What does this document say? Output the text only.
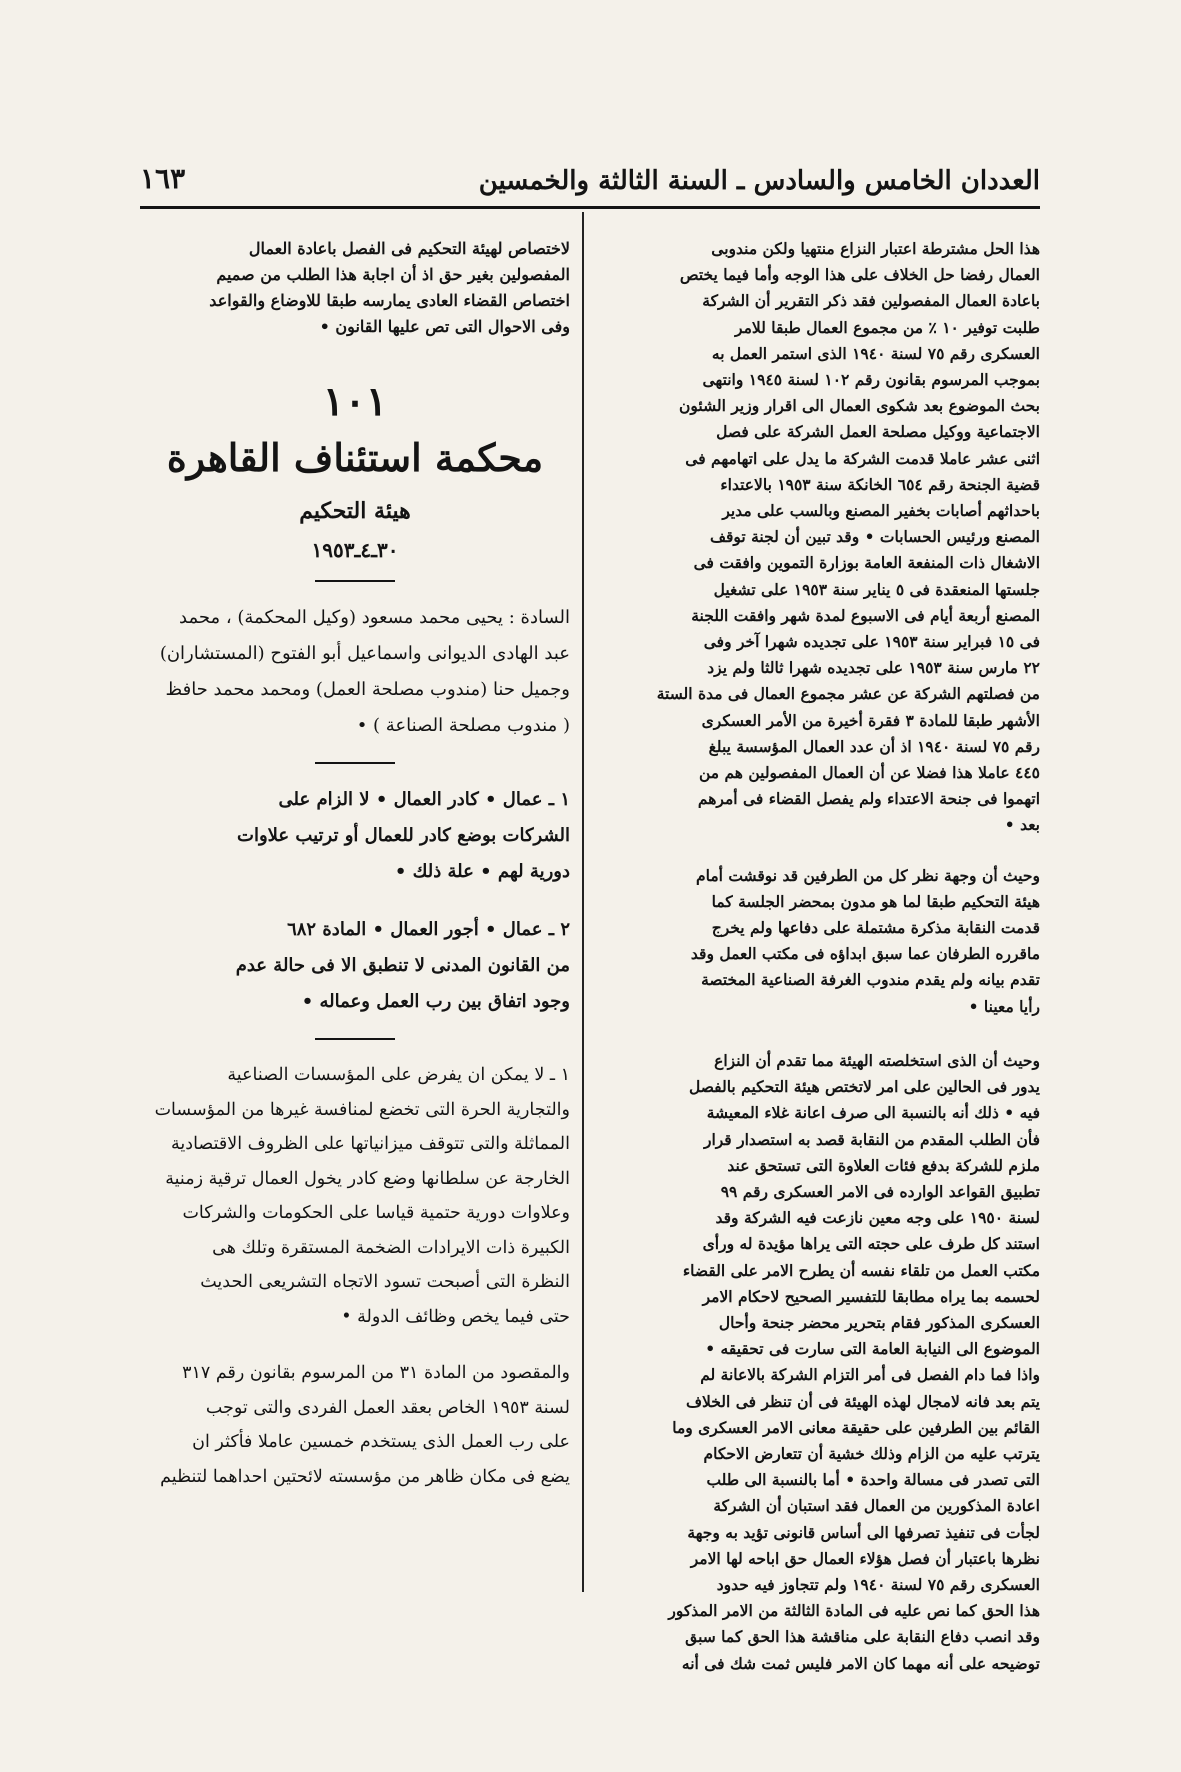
العددان الخامس والسادس ـ السنة الثالثة والخمسين
١٦٣

هذا الحل مشترطة اعتبار النزاع منتهيا ولكن مندوبى
العمال رفضا حل الخلاف على هذا الوجه وأما فيما يختص
باعادة العمال المفصولين فقد ذكر التقرير أن الشركة
طلبت توفير ١٠ ٪ من مجموع العمال طبقا للامر
العسكرى رقم ٧٥ لسنة ١٩٤٠ الذى استمر العمل به
بموجب المرسوم بقانون رقم ١٠٢ لسنة ١٩٤٥ وانتهى
بحث الموضوع بعد شكوى العمال الى اقرار وزير الشئون
الاجتماعية ووكيل مصلحة العمل الشركة على فصل
اثنى عشر عاملا قدمت الشركة ما يدل على اتهامهم فى
قضية الجنحة رقم ٦٥٤ الخانكة سنة ١٩٥٣ بالاعتداء
باحداثهم أصابات بخفير المصنع وبالسب على مدير
المصنع ورئيس الحسابات • وقد تبين أن لجنة توقف
الاشغال ذات المنفعة العامة بوزارة التموين وافقت فى
جلستها المنعقدة فى ٥ يناير سنة ١٩٥٣ على تشغيل
المصنع أربعة أيام فى الاسبوع لمدة شهر وافقت اللجنة
فى ١٥ فبراير سنة ١٩٥٣ على تجديده شهرا آخر وفى
٢٢ مارس سنة ١٩٥٣ على تجديده شهرا ثالثا ولم يزد
من فصلتهم الشركة عن عشر مجموع العمال فى مدة الستة
الأشهر طبقا للمادة ٣ فقرة أخيرة من الأمر العسكرى
رقم ٧٥ لسنة ١٩٤٠ اذ أن عدد العمال المؤسسة يبلغ
٤٤٥ عاملا هذا فضلا عن أن العمال المفصولين هم من
اتهموا فى جنحة الاعتداء ولم يفصل القضاء فى أمرهم
بعد •

وحيث أن وجهة نظر كل من الطرفين قد نوقشت أمام
هيئة التحكيم طبقا لما هو مدون بمحضر الجلسة كما
قدمت النقابة مذكرة مشتملة على دفاعها ولم يخرج
ماقرره الطرفان عما سبق ابداؤه فى مكتب العمل وقد
تقدم بيانه ولم يقدم مندوب الغرفة الصناعية المختصة
رأيا معينا •

وحيث أن الذى استخلصته الهيئة مما تقدم أن النزاع
يدور فى الحالين على امر لاتختص هيئة التحكيم بالفصل
فيه • ذلك أنه بالنسبة الى صرف اعانة غلاء المعيشة
فأن الطلب المقدم من النقابة قصد به استصدار قرار
ملزم للشركة بدفع فئات العلاوة التى تستحق عند
تطبيق القواعد الوارده فى الامر العسكرى رقم ٩٩
لسنة ١٩٥٠ على وجه معين نازعت فيه الشركة وقد
استند كل طرف على حجته التى يراها مؤيدة له ورأى
مكتب العمل من تلقاء نفسه أن يطرح الامر على القضاء
لحسمه بما يراه مطابقا للتفسير الصحيح لاحكام الامر
العسكرى المذكور فقام بتحرير محضر جنحة وأحال
الموضوع الى النيابة العامة التى سارت فى تحقيقه •
واذا فما دام الفصل فى أمر التزام الشركة بالاعانة لم
يتم بعد فانه لامجال لهذه الهيئة فى أن تنظر فى الخلاف
القائم بين الطرفين على حقيقة معانى الامر العسكرى وما
يترتب عليه من الزام وذلك خشية أن تتعارض الاحكام
التى تصدر فى مسالة واحدة • أما بالنسبة الى طلب
اعادة المذكورين من العمال فقد استبان أن الشركة
لجأت فى تنفيذ تصرفها الى أساس قانونى تؤيد به وجهة
نظرها باعتبار أن فصل هؤلاء العمال حق اباحه لها الامر
العسكرى رقم ٧٥ لسنة ١٩٤٠ ولم تتجاوز فيه حدود
هذا الحق كما نص عليه فى المادة الثالثة من الامر المذكور
وقد انصب دفاع النقابة على مناقشة هذا الحق كما سبق
توضيحه على أنه مهما كان الامر فليس ثمت شك فى أنه

لاختصاص لهيئة التحكيم فى الفصل باعادة العمال
المفصولين بغير حق اذ أن اجابة هذا الطلب من صميم
اختصاص القضاء العادى يمارسه طبقا للاوضاع والقواعد
وفى الاحوال التى تص عليها القانون •

١٠١
محكمة استئناف القاهرة
هيئة التحكيم
٣٠ـ٤ـ١٩٥٣

السادة : يحيى محمد مسعود (وكيل المحكمة) ، محمد
عبد الهادى الديوانى واسماعيل أبو الفتوح (المستشاران)
وجميل حنا (مندوب مصلحة العمل) ومحمد محمد حافظ
( مندوب مصلحة الصناعة ) •

١ ـ عمال • كادر العمال • لا الزام على
الشركات بوضع كادر للعمال أو ترتيب علاوات
دورية لهم • علة ذلك •

٢ ـ عمال • أجور العمال • المادة ٦٨٢
من القانون المدنى لا تنطبق الا فى حالة عدم
وجود اتفاق بين رب العمل وعماله •

١ ـ لا يمكن ان يفرض على المؤسسات الصناعية
والتجارية الحرة التى تخضع لمنافسة غيرها من المؤسسات
المماثلة والتى تتوقف ميزانياتها على الظروف الاقتصادية
الخارجة عن سلطانها وضع كادر يخول العمال ترقية زمنية
وعلاوات دورية حتمية قياسا على الحكومات والشركات
الكبيرة ذات الايرادات الضخمة المستقرة وتلك هى
النظرة التى أصبحت تسود الاتجاه التشريعى الحديث
حتى فيما يخص وظائف الدولة •

والمقصود من المادة ٣١ من المرسوم بقانون رقم ٣١٧
لسنة ١٩٥٣ الخاص بعقد العمل الفردى والتى توجب
على رب العمل الذى يستخدم خمسين عاملا فأكثر ان
يضع فى مكان ظاهر من مؤسسته لائحتين احداهما لتنظيم
